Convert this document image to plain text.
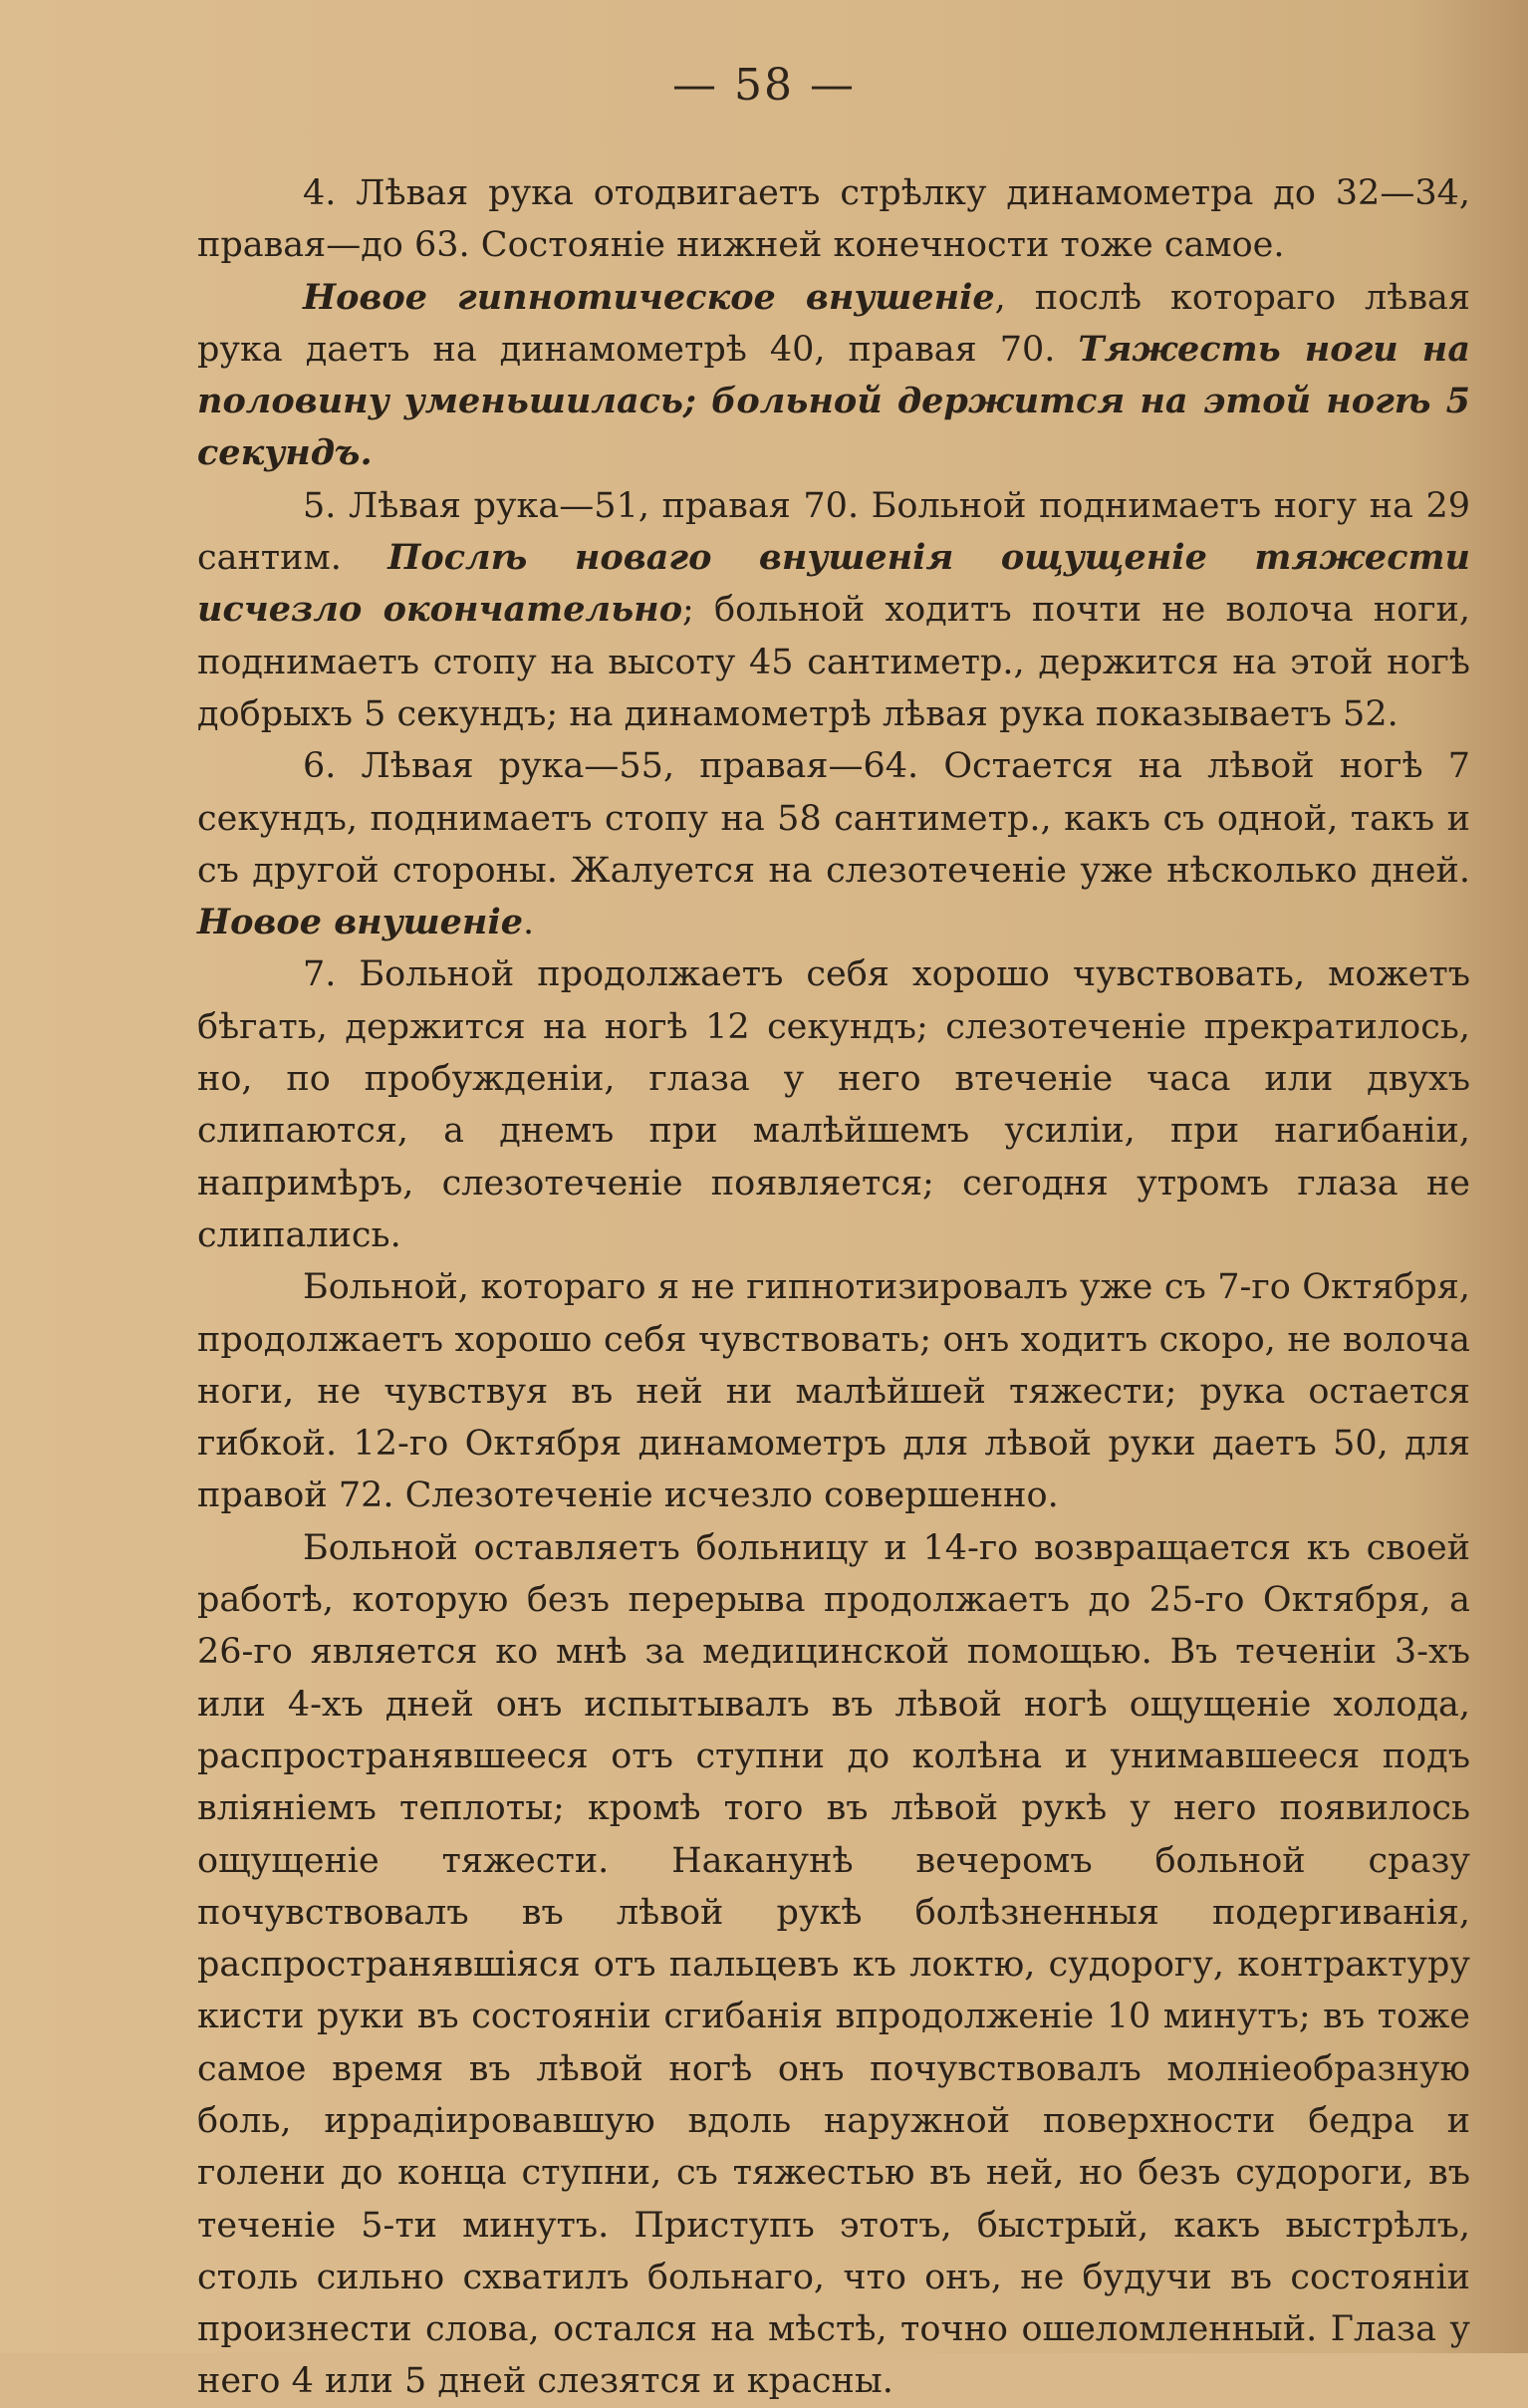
— 58 —

4. Лѣвая рука отодвигаетъ стрѣлку динамометра до 32—34, правая—до 63. Состояніе нижней конечности тоже самое.

Новое гипнотическое внушеніе, послѣ котораго лѣвая рука даетъ на динамометрѣ 40, правая 70. Тяжесть ноги на половину уменьшилась; больной держится на этой ногѣ 5 секундъ.

5. Лѣвая рука—51, правая 70. Больной поднимаетъ ногу на 29 сантим. Послѣ новаго внушенія ощущеніе тяжести исчезло окончательно; больной ходитъ почти не волоча ноги, поднимаетъ стопу на высоту 45 сантиметр., держится на этой ногѣ добрыхъ 5 секундъ; на динамометрѣ лѣвая рука показываетъ 52.

6. Лѣвая рука—55, правая—64. Остается на лѣвой ногѣ 7 секундъ, поднимаетъ стопу на 58 сантиметр., какъ съ одной, такъ и съ другой стороны. Жалуется на слезотеченіе уже нѣсколько дней. Новое внушеніе.

7. Больной продолжаетъ себя хорошо чувствовать, можетъ бѣгать, держится на ногѣ 12 секундъ; слезотеченіе прекратилось, но, по пробужденіи, глаза у него втеченіе часа или двухъ слипаются, а днемъ при малѣйшемъ усиліи, при нагибаніи, напримѣръ, слезотеченіе появляется; сегодня утромъ глаза не слипались.

Больной, котораго я не гипнотизировалъ уже съ 7-го Октября, продолжаетъ хорошо себя чувствовать; онъ ходитъ скоро, не волоча ноги, не чувствуя въ ней ни малѣйшей тяжести; рука остается гибкой. 12-го Октября динамометръ для лѣвой руки даетъ 50, для правой 72. Слезотеченіе исчезло совершенно.

Больной оставляетъ больницу и 14-го возвращается къ своей работѣ, которую безъ перерыва продолжаетъ до 25-го Октября, а 26-го является ко мнѣ за медицинской помощью. Въ теченіи 3-хъ или 4-хъ дней онъ испытывалъ въ лѣвой ногѣ ощущеніе холода, распространявшееся отъ ступни до колѣна и унимавшееся подъ вліяніемъ теплоты; кромѣ того въ лѣвой рукѣ у него появилось ощущеніе тяжести. Наканунѣ вечеромъ больной сразу почувствовалъ въ лѣвой рукѣ болѣзненныя подергиванія, распространявшіяся отъ пальцевъ къ локтю, судорогу, контрактуру кисти руки въ состояніи сгибанія впродолженіе 10 минутъ; въ тоже самое время въ лѣвой ногѣ онъ почувствовалъ молніеобразную боль, иррадіировавшую вдоль наружной поверхности бедра и голени до конца ступни, съ тяжестью въ ней, но безъ судороги, въ теченіе 5-ти минутъ. Приступъ этотъ, быстрый, какъ выстрѣлъ, столь сильно схватилъ больнаго, что онъ, не будучи въ состояніи произнести слова, остался на мѣстѣ, точно ошеломленный. Глаза у него 4 или 5 дней слезятся и красны.
